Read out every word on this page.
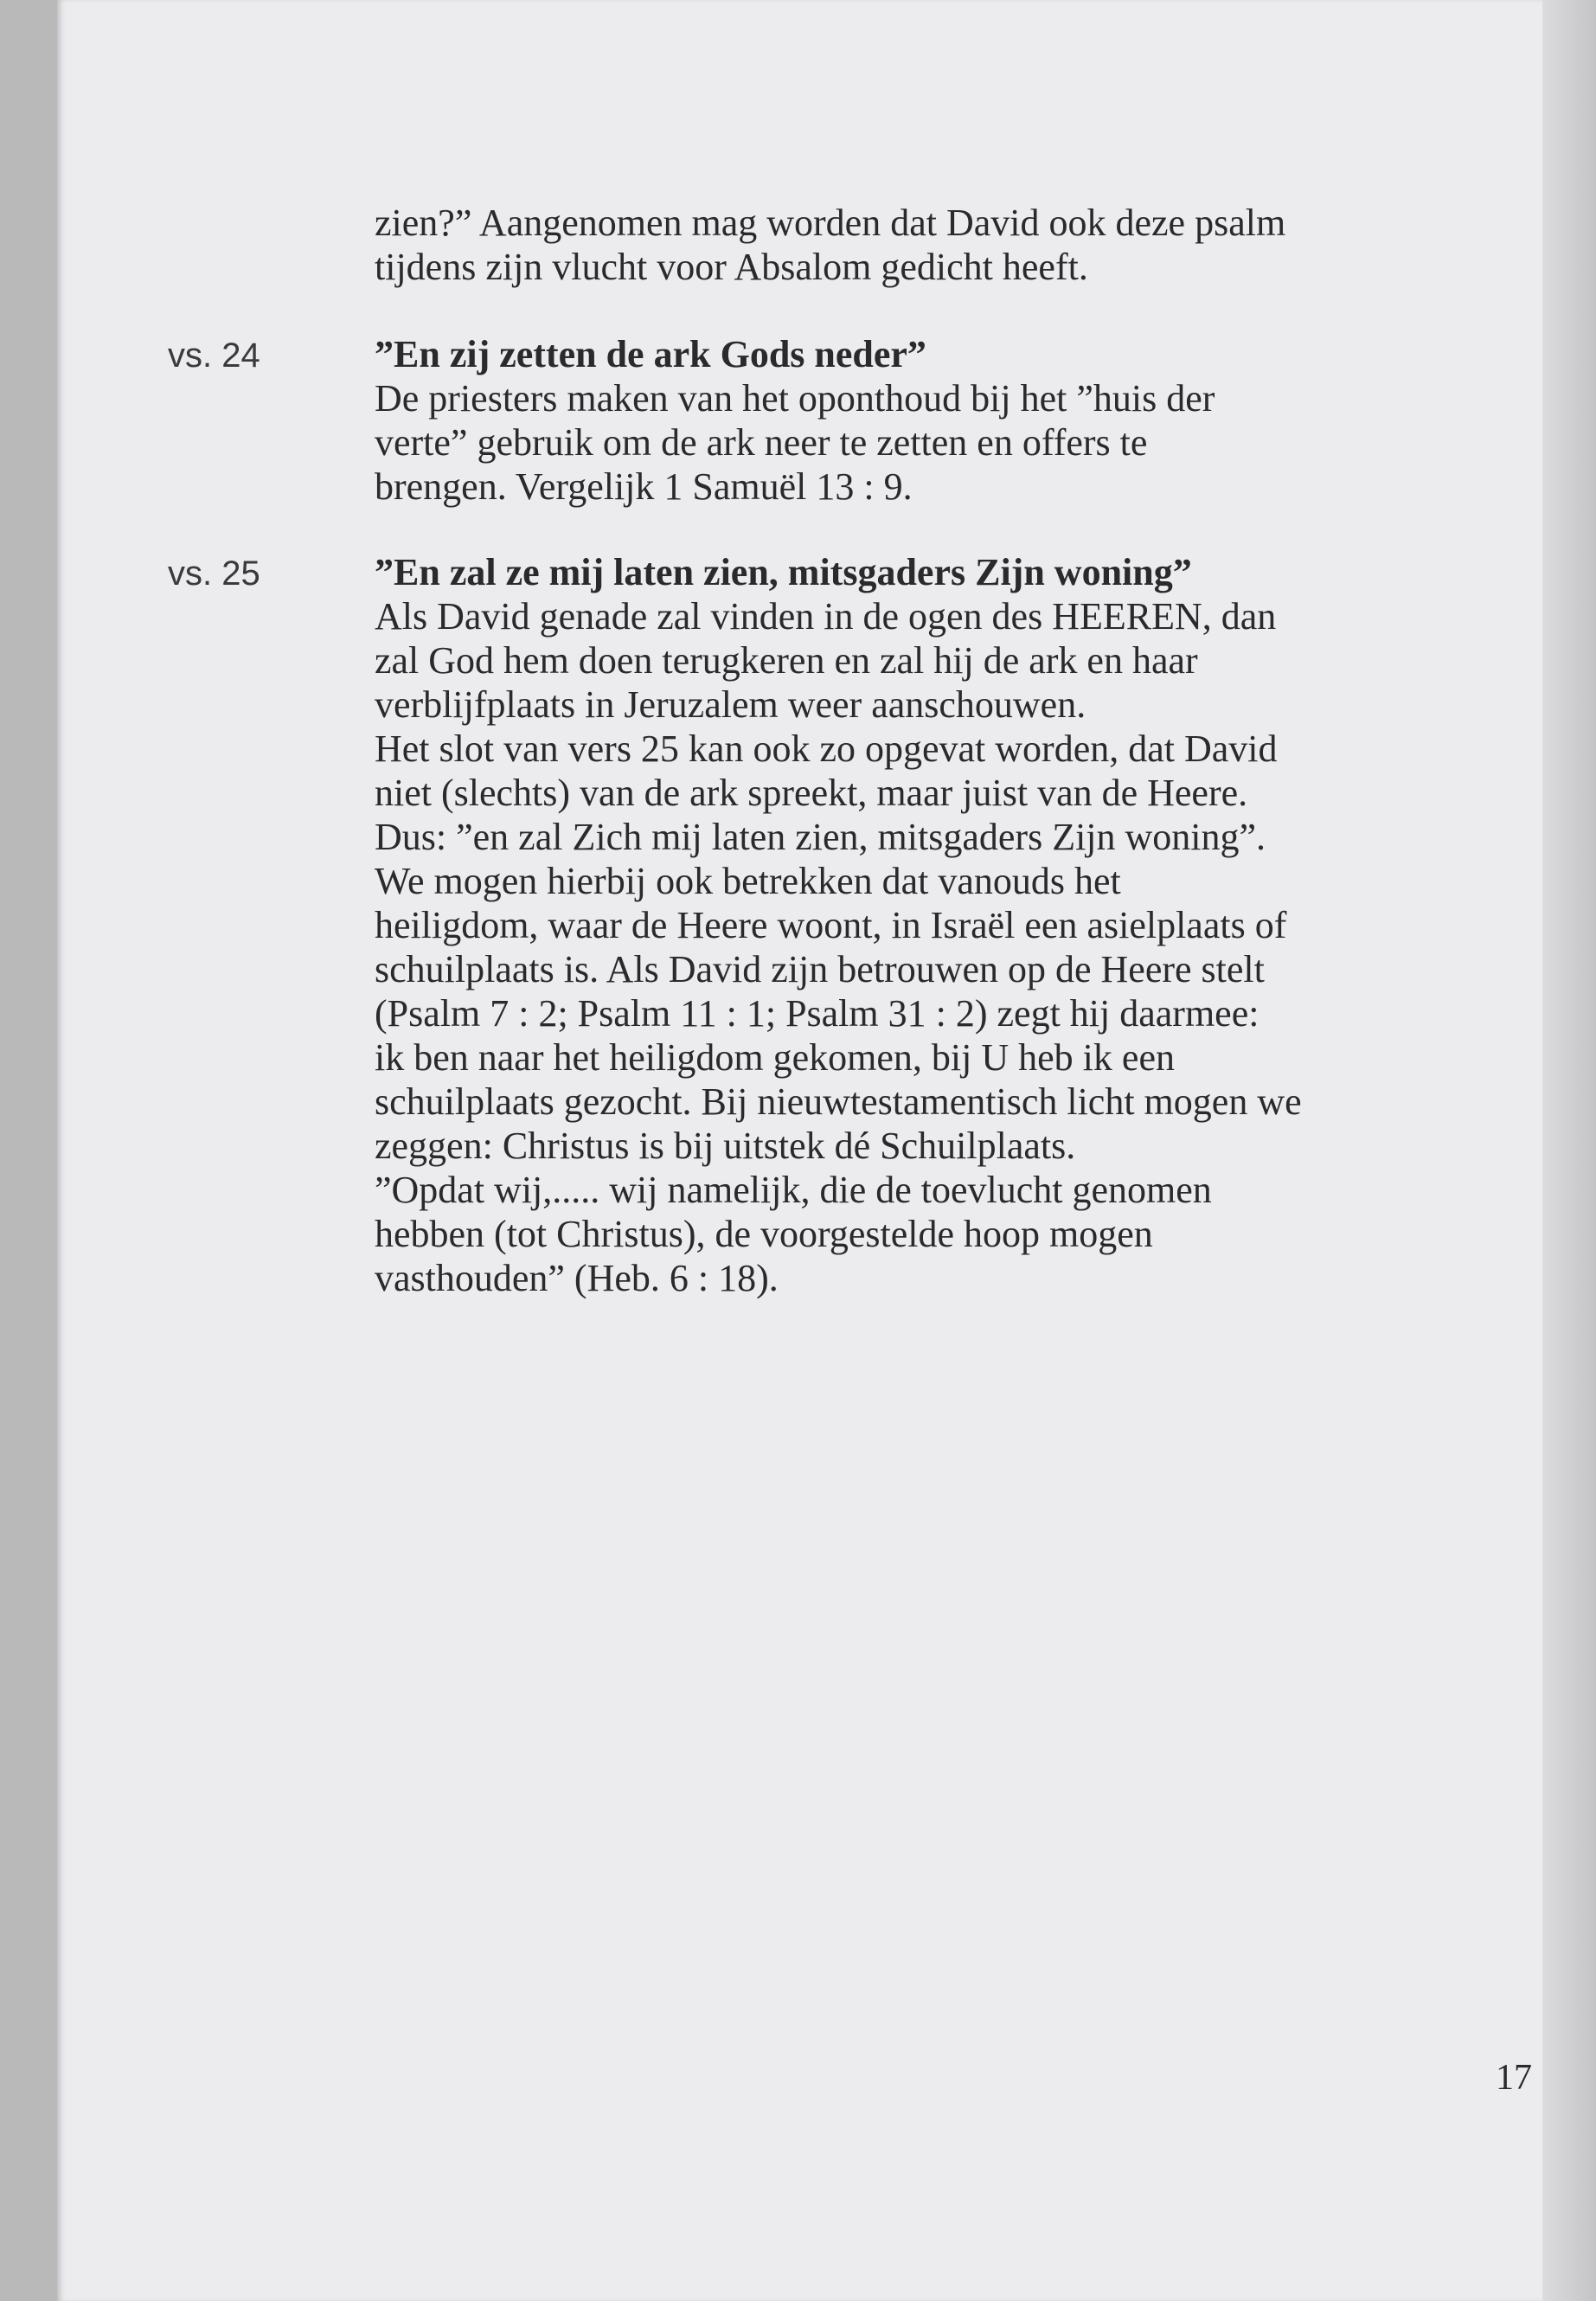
zien?” Aangenomen mag worden dat David ook deze psalm
tijdens zijn vlucht voor Absalom gedicht heeft.
vs. 24	”En zij zetten de ark Gods neder”
De priesters maken van het oponthoud bij het ”huis der
verte” gebruik om de ark neer te zetten en offers te
brengen. Vergelijk 1 Samuël 13 : 9.
vs. 25	”En zal ze mij laten zien, mitsgaders Zijn woning”
Als David genade zal vinden in de ogen des HEEREN, dan
zal God hem doen terugkeren en zal hij de ark en haar
verblijfplaats in Jeruzalem weer aanschouwen.
Het slot van vers 25 kan ook zo opgevat worden, dat David
niet (slechts) van de ark spreekt, maar juist van de Heere.
Dus: ”en zal Zich mij laten zien, mitsgaders Zijn woning”.
We mogen hierbij ook betrekken dat vanouds het
heiligdom, waar de Heere woont, in Israël een asielplaats of
schuilplaats is. Als David zijn betrouwen op de Heere stelt
(Psalm 7 : 2; Psalm 11 : 1; Psalm 31 : 2) zegt hij daarmee:
ik ben naar het heiligdom gekomen, bij U heb ik een
schuilplaats gezocht. Bij nieuwtestamentisch licht mogen we
zeggen: Christus is bij uitstek dé Schuilplaats.
”Opdat wij,..... wij namelijk, die de toevlucht genomen
hebben (tot Christus), de voorgestelde hoop mogen
vasthouden” (Heb. 6 : 18).
17
